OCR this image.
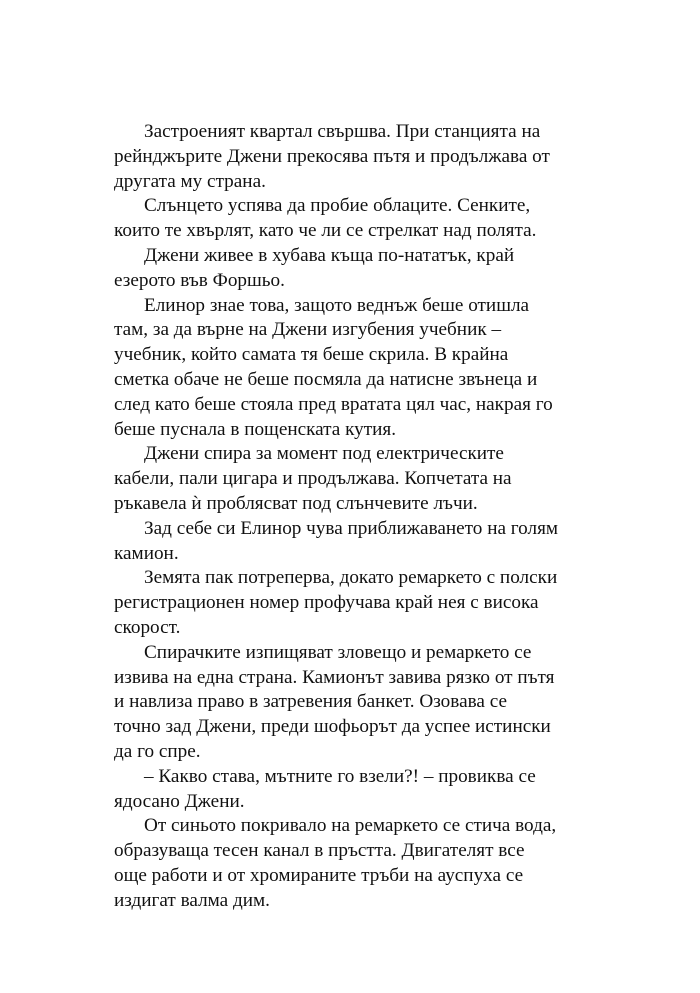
Застроеният квартал свършва. При станцията на
рейнджърите Джени прекосява пътя и продължава от
другата му страна.
Слънцето успява да пробие облаците. Сенките,
които те хвърлят, като че ли се стрелкат над полята.
Джени живее в хубава къща по-нататък, край
езерото във Форшьо.
Елинор знае това, защото веднъж беше отишла
там, за да върне на Джени изгубения учебник –
учебник, който самата тя беше скрила. В крайна
сметка обаче не беше посмяла да натисне звънеца и
след като беше стояла пред вратата цял час, накрая го
беше пуснала в пощенската кутия.
Джени спира за момент под електрическите
кабели, пали цигара и продължава. Копчетата на
ръкавела ѝ проблясват под слънчевите лъчи.
Зад себе си Елинор чува приближаването на голям
камион.
Земята пак потреперва, докато ремаркето с полски
регистрационен номер профучава край нея с висока
скорост.
Спирачките изпищяват зловещо и ремаркето се
извива на една страна. Камионът завива рязко от пътя
и навлиза право в затревения банкет. Озовава се
точно зад Джени, преди шофьорът да успее истински
да го спре.
– Какво става, мътните го взели?! – провиква се
ядосано Джени.
От синьото покривало на ремаркето се стича вода,
образуваща тесен канал в пръстта. Двигателят все
още работи и от хромираните тръби на ауспуха се
издигат валма дим.
